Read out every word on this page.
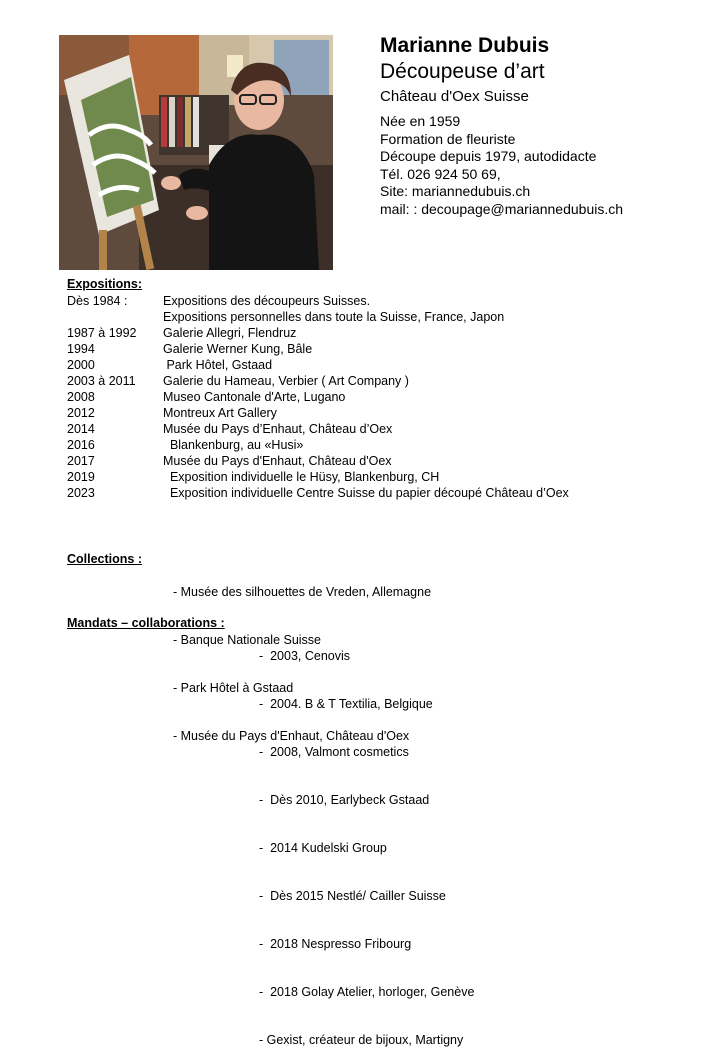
Marianne Dubuis
Découpeuse d’art
Château d'Oex Suisse
Née en 1959
Formation de fleuriste
Découpe depuis 1979, autodidacte
Tél. 026 924 50 69,
Site: mariannedubuis.ch
mail: : decoupage@mariannedubuis.ch
Expositions:
Dès 1984 :	Expositions des découpeurs Suisses.
Expositions personnelles dans toute la Suisse, France, Japon
1987 à 1992	Galerie Allegri, Flendruz
1994	Galerie Werner Kung, Bâle
2000	Park Hôtel, Gstaad
2003 à 2011	Galerie du Hameau, Verbier ( Art Company )
2008	Museo Cantonale d'Arte, Lugano
2012	Montreux Art Gallery
2014	Musée du Pays d’Enhaut, Château d’Oex
2016	Blankenburg, au «Husi»
2017	Musée du Pays d'Enhaut, Château d'Oex
2019	Exposition individuelle le Hüsy, Blankenburg, CH
2023	Exposition individuelle Centre Suisse du papier découpé Château d’Oex
Collections :

- Musée des silhouettes de Vreden, Allemagne

- Banque Nationale Suisse

- Park Hôtel à Gstaad

- Musée du Pays d'Enhaut, Château d'Oex

Mandats – collaborations :

-  2003, Cenovis

-  2004. B & T Textilia, Belgique

-  2008, Valmont cosmetics

-  Dès 2010, Earlybeck Gstaad

-  2014 Kudelski Group

-  Dès 2015 Nestlé/ Cailler Suisse

-  2018 Nespresso Fribourg

-  2018 Golay Atelier, horloger, Genève

- Gexist, créateur de bijoux, Martigny
